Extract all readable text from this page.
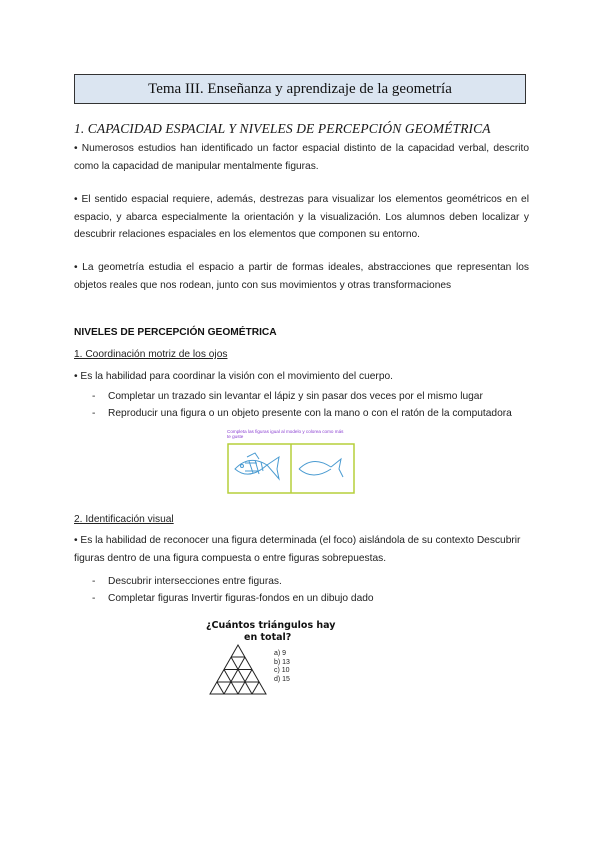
Tema III. Enseñanza y aprendizaje de la geometría
1. CAPACIDAD ESPACIAL Y NIVELES DE PERCEPCIÓN GEOMÉTRICA
• Numerosos estudios han identificado un factor espacial distinto de la capacidad verbal, descrito como la capacidad de manipular mentalmente figuras.
• El sentido espacial requiere, además, destrezas para visualizar los elementos geométricos en el espacio, y abarca especialmente la orientación y la visualización. Los alumnos deben localizar y descubrir relaciones espaciales en los elementos que componen su entorno.
• La geometría estudia el espacio a partir de formas ideales, abstracciones que representan los objetos reales que nos rodean, junto con sus movimientos y otras transformaciones
NIVELES DE PERCEPCIÓN GEOMÉTRICA
1. Coordinación motriz de los ojos
• Es la habilidad para coordinar la visión con el movimiento del cuerpo.
-	Completar un trazado sin levantar el lápiz y sin pasar dos veces por el mismo lugar
-	Reproducir una figura o un objeto presente con la mano o con el ratón de la computadora
Completa las figuras igual al modelo y colorea como más te guste
2. Identificación visual
• Es la habilidad de reconocer una figura determinada (el foco) aislándola de su contexto Descubrir figuras dentro de una figura compuesta o entre figuras sobrepuestas.
-	Descubrir intersecciones entre figuras.
-	Completar figuras Invertir figuras-fondos en un dibujo dado
¿Cuántos triángulos hay
en total?
a) 9
b) 13
c) 10
d) 15
